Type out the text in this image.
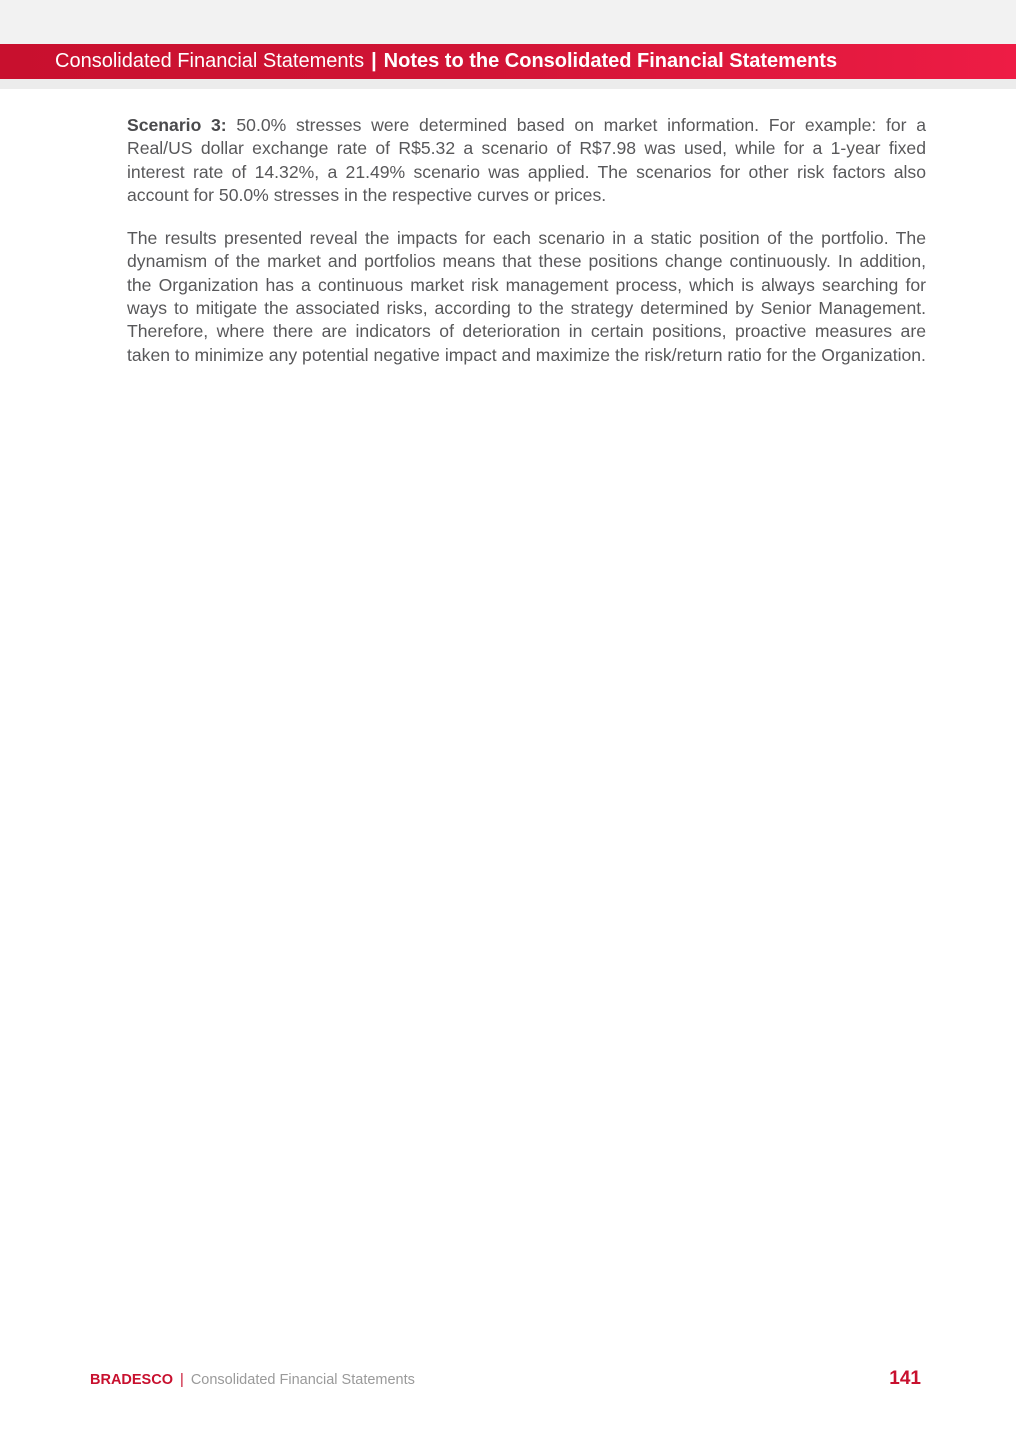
Consolidated Financial Statements | Notes to the Consolidated Financial Statements

Scenario 3: 50.0% stresses were determined based on market information. For example: for a Real/US dollar exchange rate of R$5.32 a scenario of R$7.98 was used, while for a 1-year fixed interest rate of 14.32%, a 21.49% scenario was applied. The scenarios for other risk factors also account for 50.0% stresses in the respective curves or prices.

The results presented reveal the impacts for each scenario in a static position of the portfolio. The dynamism of the market and portfolios means that these positions change continuously. In addition, the Organization has a continuous market risk management process, which is always searching for ways to mitigate the associated risks, according to the strategy determined by Senior Management. Therefore, where there are indicators of deterioration in certain positions, proactive measures are taken to minimize any potential negative impact and maximize the risk/return ratio for the Organization.

BRADESCO | Consolidated Financial Statements	141
